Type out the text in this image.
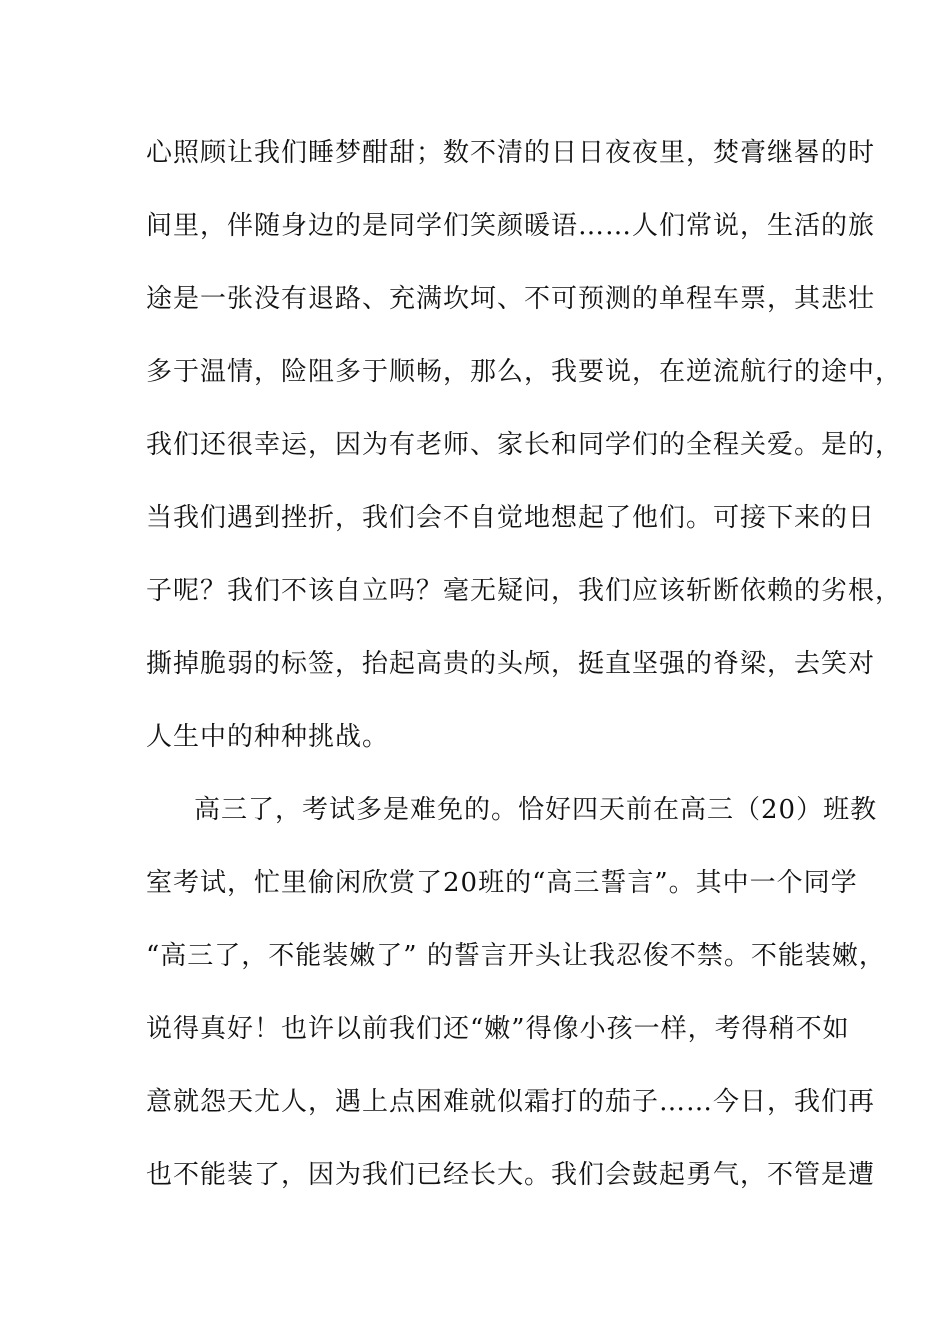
心照顾让我们睡梦酣甜；数不清的日日夜夜里，焚膏继晷的时
间里，伴随身边的是同学们笑颜暖语……人们常说，生活的旅
途是一张没有退路、充满坎坷、不可预测的单程车票，其悲壮
多于温情，险阻多于顺畅，那么，我要说，在逆流航行的途中，
我们还很幸运，因为有老师、家长和同学们的全程关爱。是的，
当我们遇到挫折，我们会不自觉地想起了他们。可接下来的日
子呢？我们不该自立吗？毫无疑问，我们应该斩断依赖的劣根，
撕掉脆弱的标签，抬起高贵的头颅，挺直坚强的脊梁，去笑对
人生中的种种挑战。
高三了，考试多是难免的。恰好四天前在高三（20）班教
室考试，忙里偷闲欣赏了20班的“高三誓言”。其中一个同学
“高三了，不能装嫩了” 的誓言开头让我忍俊不禁。不能装嫩，
说得真好！也许以前我们还“嫩”得像小孩一样，考得稍不如
意就怨天尤人，遇上点困难就似霜打的茄子……今日，我们再
也不能装了，因为我们已经长大。我们会鼓起勇气，不管是遭
